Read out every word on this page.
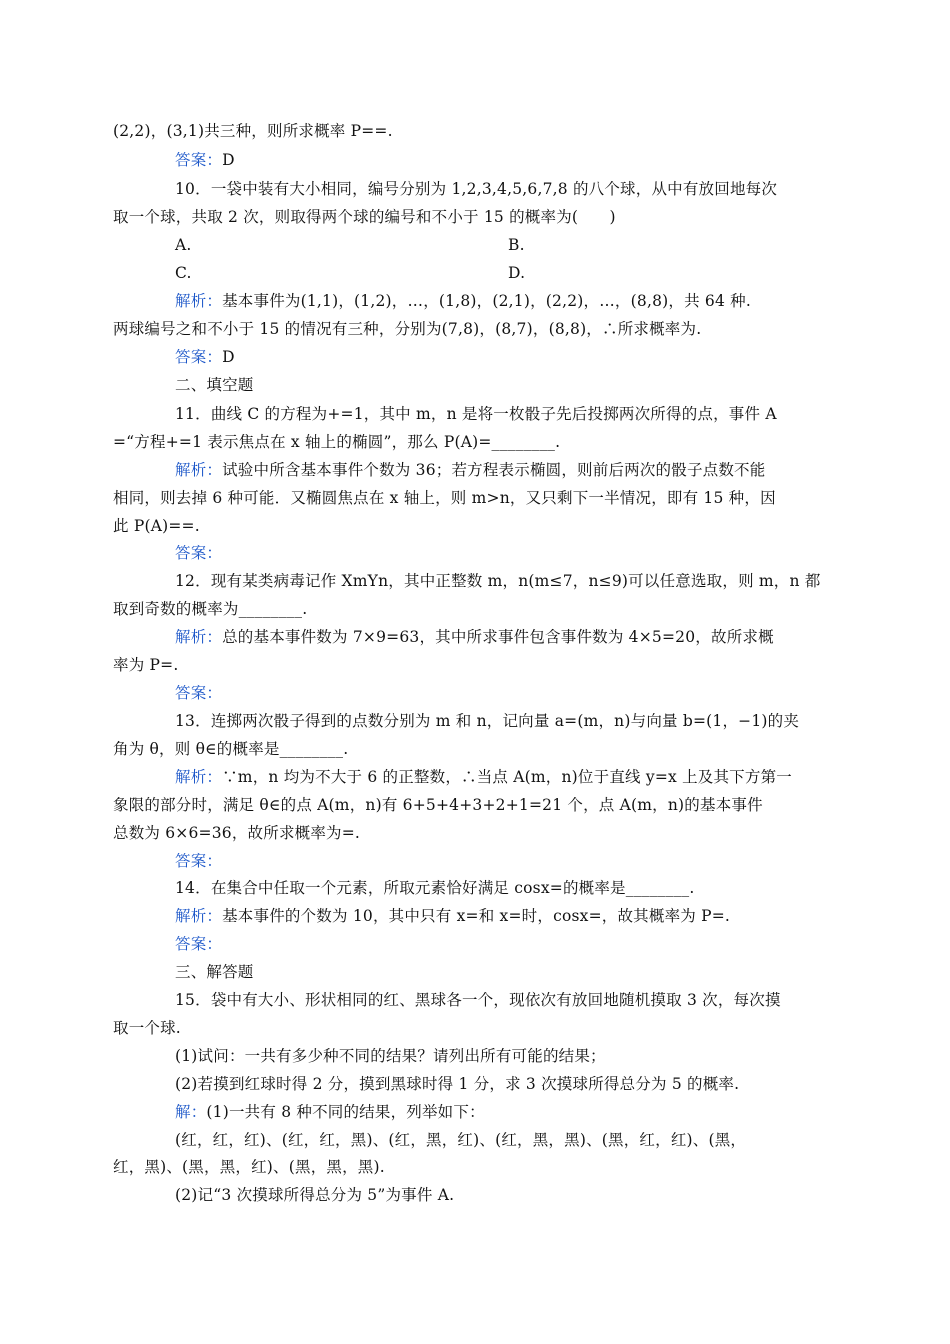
(2,2)，(3,1)共三种，则所求概率 P==.
答案：D
10．一袋中装有大小相同，编号分别为 1,2,3,4,5,6,7,8 的八个球，从中有放回地每次
取一个球，共取 2 次，则取得两个球的编号和不小于 15 的概率为(　　)
A.	B.
C.	D.
解析：基本事件为(1,1)，(1,2)，…，(1,8)，(2,1)，(2,2)，…，(8,8)，共 64 种.
两球编号之和不小于 15 的情况有三种，分别为(7,8)，(8,7)，(8,8)，∴所求概率为.
答案：D
二、填空题
11．曲线 C 的方程为+=1，其中 m，n 是将一枚骰子先后投掷两次所得的点，事件 A
=“方程+=1 表示焦点在 x 轴上的椭圆”，那么 P(A)=________.
解析：试验中所含基本事件个数为 36；若方程表示椭圆，则前后两次的骰子点数不能
相同，则去掉 6 种可能．又椭圆焦点在 x 轴上，则 m>n，又只剩下一半情况，即有 15 种，因
此 P(A)==.
答案：
12．现有某类病毒记作 XmYn，其中正整数 m，n(m≤7，n≤9)可以任意选取，则 m，n 都
取到奇数的概率为________.
解析：总的基本事件数为 7×9=63，其中所求事件包含事件数为 4×5=20，故所求概
率为 P=.
答案：
13．连掷两次骰子得到的点数分别为 m 和 n，记向量 a=(m，n)与向量 b=(1，−1)的夹
角为 θ，则 θ∈的概率是________.
解析：∵m，n 均为不大于 6 的正整数，∴当点 A(m，n)位于直线 y=x 上及其下方第一
象限的部分时，满足 θ∈的点 A(m，n)有 6+5+4+3+2+1=21 个，点 A(m，n)的基本事件
总数为 6×6=36，故所求概率为=.
答案：
14．在集合中任取一个元素，所取元素恰好满足 cosx=的概率是________.
解析：基本事件的个数为 10，其中只有 x=和 x=时，cosx=，故其概率为 P=.
答案：
三、解答题
15．袋中有大小、形状相同的红、黑球各一个，现依次有放回地随机摸取 3 次，每次摸
取一个球.
(1)试问：一共有多少种不同的结果？请列出所有可能的结果；
(2)若摸到红球时得 2 分，摸到黑球时得 1 分，求 3 次摸球所得总分为 5 的概率.
解：(1)一共有 8 种不同的结果，列举如下：
(红，红，红)、(红，红，黑)、(红，黑，红)、(红，黑，黑)、(黑，红，红)、(黑，
红，黑)、(黑，黑，红)、(黑，黑，黑).
(2)记“3 次摸球所得总分为 5”为事件 A.
